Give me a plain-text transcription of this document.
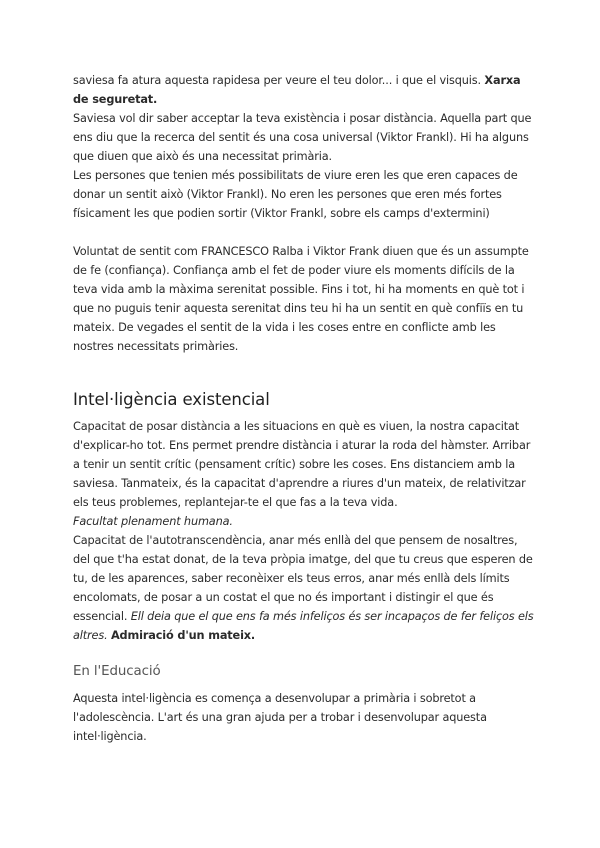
saviesa fa atura aquesta rapidesa per veure el teu dolor... i que el visquis. Xarxa de seguretat.

Saviesa vol dir saber acceptar la teva existència i posar distància. Aquella part que ens diu que la recerca del sentit és una cosa universal (Viktor Frankl). Hi ha alguns que diuen que això és una necessitat primària.

Les persones que tenien més possibilitats de viure eren les que eren capaces de donar un sentit això (Viktor Frankl). No eren les persones que eren més fortes físicament les que podien sortir (Viktor Frankl, sobre els camps d'extermini)

Voluntat de sentit com FRANCESCO Ralba i Viktor Frank diuen que és un assumpte de fe (confiança). Confiança amb el fet de poder viure els moments difícils de la teva vida amb la màxima serenitat possible. Fins i tot, hi ha moments en què tot i que no puguis tenir aquesta serenitat dins teu hi ha un sentit en què confiïs en tu mateix. De vegades el sentit de la vida i les coses entre en conflicte amb les nostres necessitats primàries.

Intel·ligència existencial

Capacitat de posar distància a les situacions en què es viuen, la nostra capacitat d'explicar-ho tot. Ens permet prendre distància i aturar la roda del hàmster. Arribar a tenir un sentit crític (pensament crític) sobre les coses. Ens distanciem amb la saviesa. Tanmateix, és la capacitat d'aprendre a riures d'un mateix, de relativitzar els teus problemes, replantejar-te el que fas a la teva vida.

Facultat plenament humana.

Capacitat de l'autotranscendència, anar més enllà del que pensem de nosaltres, del que t'ha estat donat, de la teva pròpia imatge, del que tu creus que esperen de tu, de les aparences, saber reconèixer els teus erros, anar més enllà dels límits encolomats, de posar a un costat el que no és important i distingir el que és essencial. Ell deia que el que ens fa més infeliços és ser incapaços de fer feliços els altres. Admiració d'un mateix.

En l'Educació

Aquesta intel·ligència es comença a desenvolupar a primària i sobretot a l'adolescència. L'art és una gran ajuda per a trobar i desenvolupar aquesta intel·ligència.
